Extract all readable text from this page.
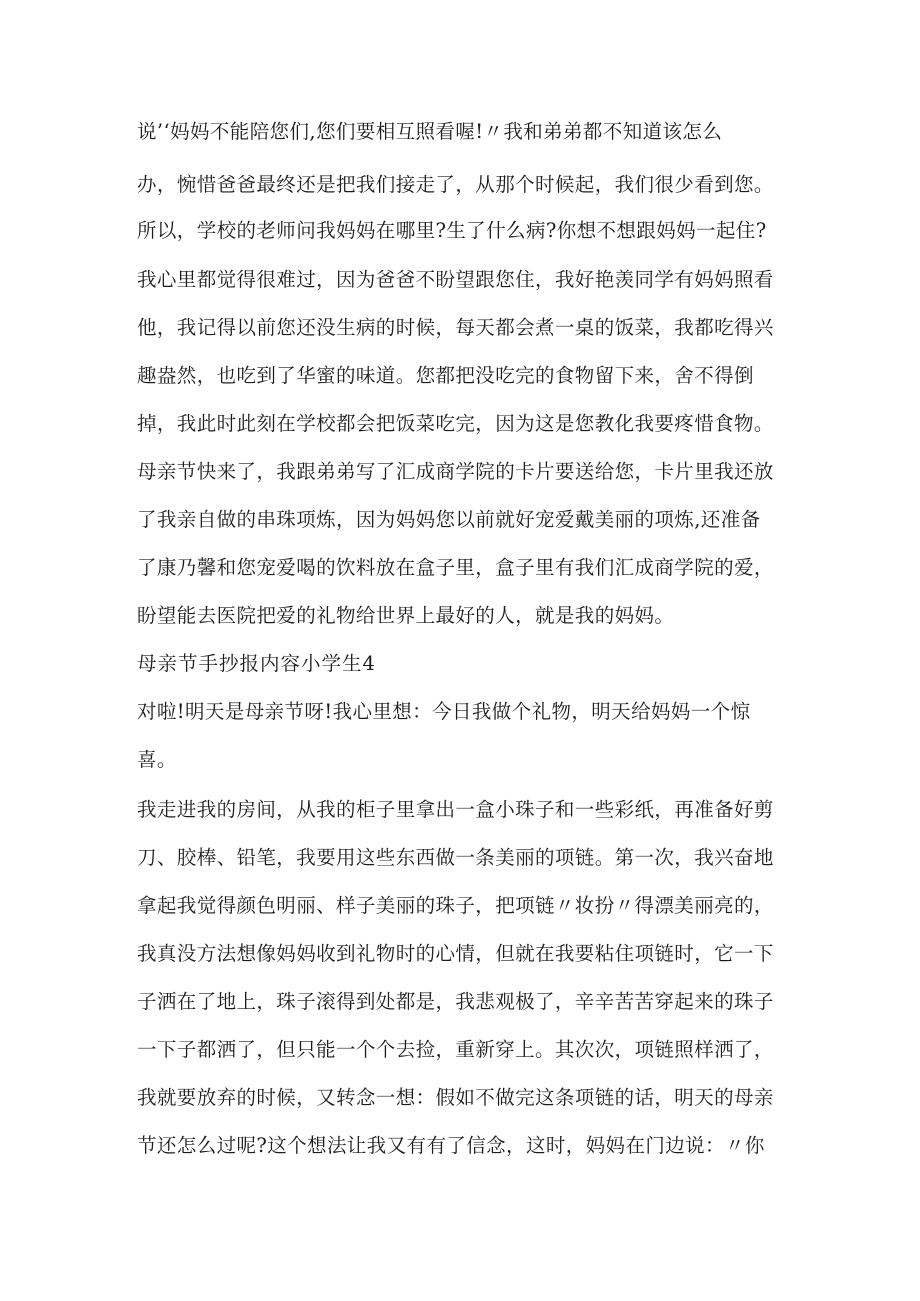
说’‘妈妈不能陪您们,您们要相互照看喔!〃我和弟弟都不知道该怎么
办，惋惜爸爸最终还是把我们接走了，从那个时候起，我们很少看到您。
所以，学校的老师问我妈妈在哪里?生了什么病?你想不想跟妈妈一起住?
我心里都觉得很难过，因为爸爸不盼望跟您住，我好艳羡同学有妈妈照看
他，我记得以前您还没生病的时候，每天都会煮一桌的饭菜，我都吃得兴
趣盎然，也吃到了华蜜的味道。您都把没吃完的食物留下来，舍不得倒
掉，我此时此刻在学校都会把饭菜吃完，因为这是您教化我要疼惜食物。
母亲节快来了，我跟弟弟写了汇成商学院的卡片要送给您，卡片里我还放
了我亲自做的串珠项炼，因为妈妈您以前就好宠爱戴美丽的项炼,还准备
了康乃馨和您宠爱喝的饮料放在盒子里，盒子里有我们汇成商学院的爱，
盼望能去医院把爱的礼物给世界上最好的人，就是我的妈妈。
母亲节手抄报内容小学生4
对啦!明天是母亲节呀!我心里想：今日我做个礼物，明天给妈妈一个惊
喜。
我走进我的房间，从我的柜子里拿出一盒小珠子和一些彩纸，再准备好剪
刀、胶棒、铅笔，我要用这些东西做一条美丽的项链。第一次，我兴奋地
拿起我觉得颜色明丽、样子美丽的珠子，把项链〃妆扮〃得漂美丽亮的，
我真没方法想像妈妈收到礼物时的心情，但就在我要粘住项链时，它一下
子洒在了地上，珠子滚得到处都是，我悲观极了，辛辛苦苦穿起来的珠子
一下子都洒了，但只能一个个去捡，重新穿上。其次次，项链照样洒了，
我就要放弃的时候，又转念一想：假如不做完这条项链的话，明天的母亲
节还怎么过呢?这个想法让我又有有了信念，这时，妈妈在门边说：〃你
